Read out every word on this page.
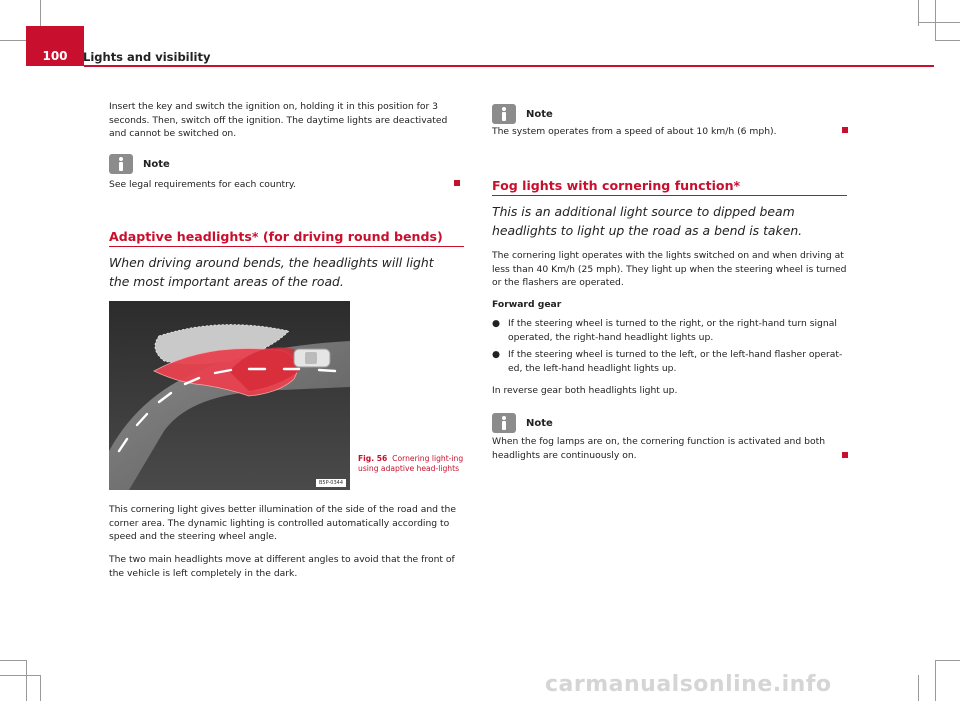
100	Lights and visibility
Insert the key and switch the ignition on, holding it in this position for 3 seconds. Then, switch off the ignition. The daytime lights are deactivated and cannot be switched on.
Note
See legal requirements for each country.
Adaptive headlights* (for driving round bends)
When driving around bends, the headlights will light the most important areas of the road.
B5P-0344
Fig. 56 Cornering light-ing using adaptive head-lights
This cornering light gives better illumination of the side of the road and the corner area. The dynamic lighting is controlled automatically according to speed and the steering wheel angle.
The two main headlights move at different angles to avoid that the front of the vehicle is left completely in the dark.
Note
The system operates from a speed of about 10 km/h (6 mph).
Fog lights with cornering function*
This is an additional light source to dipped beam headlights to light up the road as a bend is taken.
The cornering light operates with the lights switched on and when driving at less than 40 Km/h (25 mph). They light up when the steering wheel is turned or the flashers are operated.
Forward gear
● If the steering wheel is turned to the right, or the right-hand turn signal operated, the right-hand headlight lights up.
● If the steering wheel is turned to the left, or the left-hand flasher operat-ed, the left-hand headlight lights up.
In reverse gear both headlights light up.
Note
When the fog lamps are on, the cornering function is activated and both headlights are continuously on.
carmanualsonline.info
